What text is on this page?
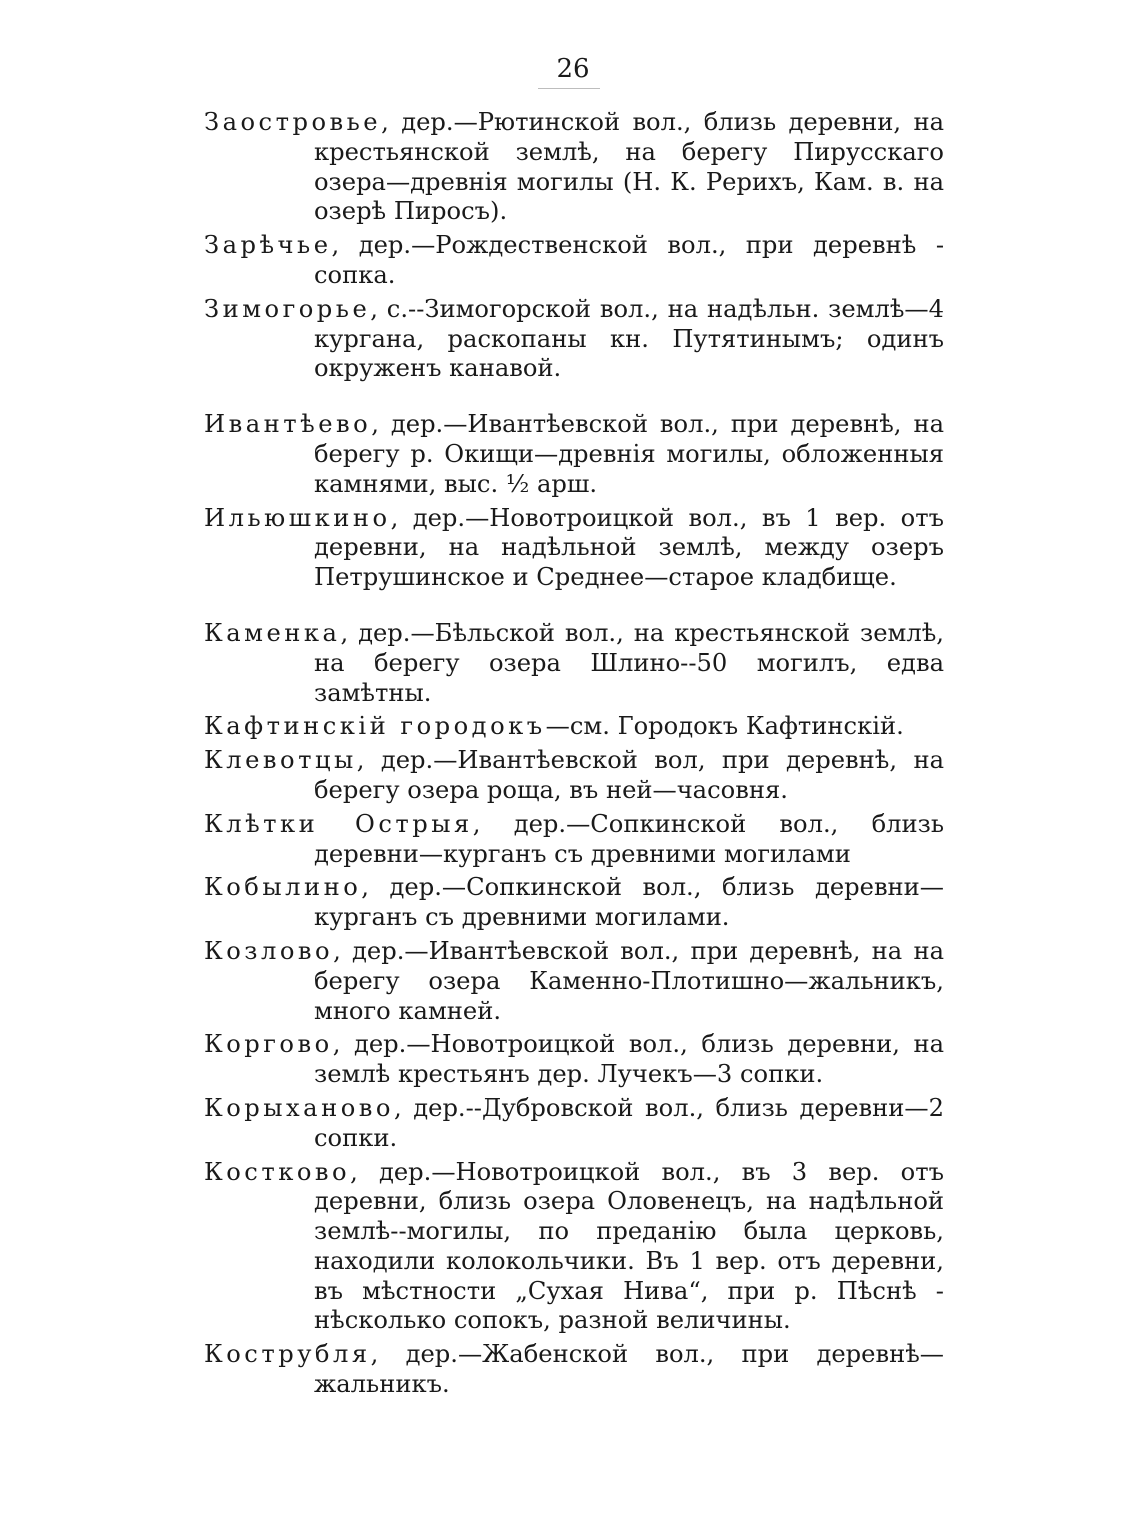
26

Заостровье, дер.—Рютинской вол., близь деревни, на крестьянской землѣ, на берегу Пирусскаго озера—древнія могилы (Н. К. Рерихъ, Кам. в. на озерѣ Пиросъ).

Зарѣчье, дер.—Рождественской вол., при деревнѣ - сопка.

Зимогорье, с.--Зимогорской вол., на надѣльн. землѣ—4 кургана, раскопаны кн. Путятинымъ; одинъ окруженъ канавой.

Ивантѣево, дер.—Ивантѣевской вол., при деревнѣ, на берегу р. Окищи—древнія могилы, обложенныя камнями, выс. ½ арш.

Ильюшкино, дер.—Новотроицкой вол., въ 1 вер. отъ деревни, на надѣльной землѣ, между озеръ Петрушинское и Среднее—старое кладбище.

Каменка, дер.—Бѣльской вол., на крестьянской землѣ, на берегу озера Шлино--50 могилъ, едва замѣтны.

Кафтинскій городокъ—см. Городокъ Кафтинскій.

Клевотцы, дер.—Ивантѣевской вол, при деревнѣ, на берегу озера роща, въ ней—часовня.

Клѣтки Острыя, дер.—Сопкинской вол., близь деревни—курганъ съ древними могилами

Кобылино, дер.—Сопкинской вол., близь деревни—курганъ съ древними могилами.

Козлово, дер.—Ивантѣевской вол., при деревнѣ, на на берегу озера Каменно-Плотишно—жальникъ, много камней.

Коргово, дер.—Новотроицкой вол., близь деревни, на землѣ крестьянъ дер. Лучекъ—3 сопки.

Корыханово, дер.--Дубровской вол., близь деревни—2 сопки.

Костково, дер.—Новотроицкой вол., въ 3 вер. отъ деревни, близь озера Оловенецъ, на надѣльной землѣ--могилы, по преданію была церковь, находили колокольчики. Въ 1 вер. отъ деревни, въ мѣстности „Сухая Нива“, при р. Пѣснѣ - нѣсколько сопокъ, разной величины.

Кострубля, дер.—Жабенской вол., при деревнѣ—жальникъ.
